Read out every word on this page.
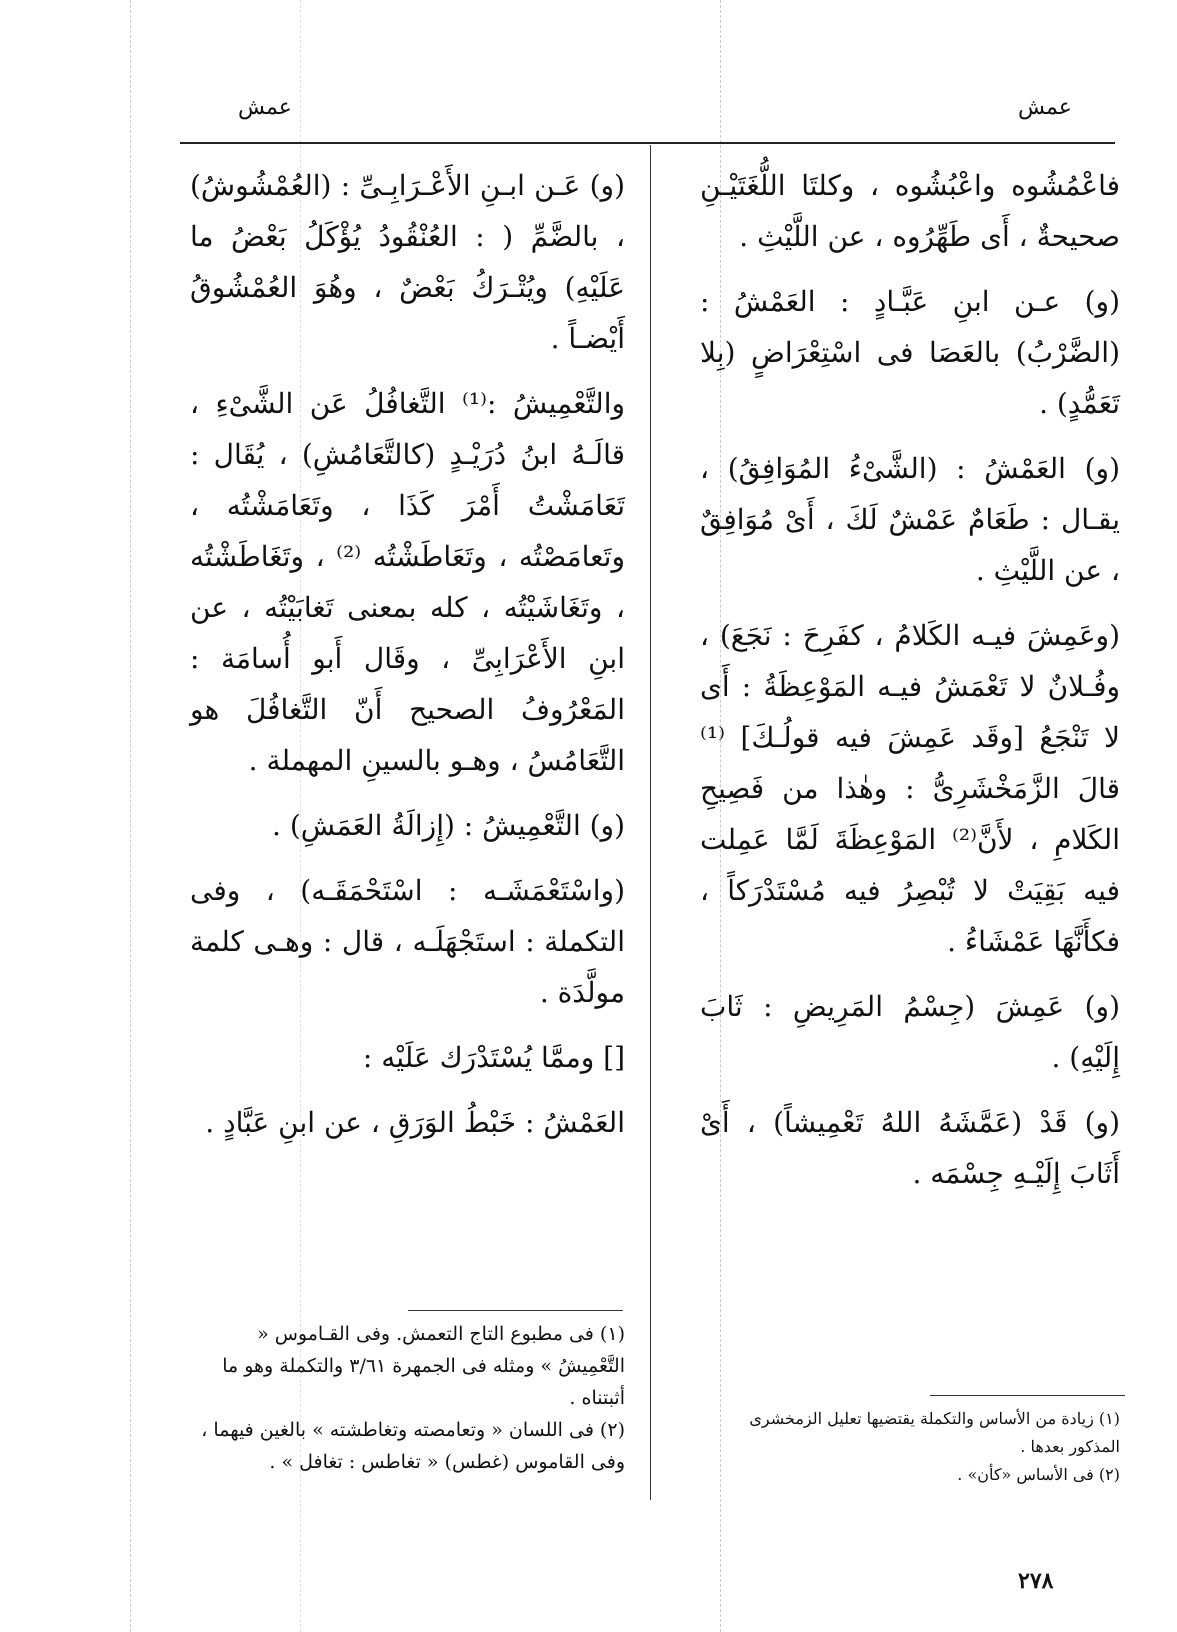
عمش
عمش

فاعْمُشُوه واعْبُشُوه ، وكلتَا اللُّغَتَيْـنِ صحيحةٌ ، أَى طَهِّرُوه ، عن اللَّيْثِ .

(و) عـن ابنِ عَبَّـادٍ : العَمْشُ : (الضَّرْبُ) بالعَصَا فى اسْتِعْرَاضٍ (بِلا تَعَمُّدٍ) .

(و) العَمْشُ : (الشَّىْءُ المُوَافِقُ) ، يقـال : طَعَامٌ عَمْشٌ لَكَ ، أَىْ مُوَافِقٌ ، عن اللَّيْثِ .

(وعَمِشَ فيـه الكَلامُ ، كفَرِحَ : نَجَعَ) ، وفُـلانٌ لا تَعْمَشُ فيـه المَوْعِظَةُ : أَى لا تَنْجَعُ [وقَد عَمِشَ فيه قولُـكَ] ⁽¹⁾ قالَ الزَّمَخْشَرِىُّ : وهٰذا من فَصِيحِ الكَلامِ ، لأَنَّ⁽²⁾ المَوْعِظَةَ لَمَّا عَمِلت فيه بَقِيَتْ لا تُبْصِرُ فيه مُسْتَدْرَكاً ، فكأَنَّهَا عَمْشَاءُ .

(و) عَمِشَ (جِسْمُ المَرِيضِ : ثَابَ إِلَيْهِ) .

(و) قَدْ (عَمَّشَهُ اللهُ تَعْمِيشاً) ، أَىْ أَثَابَ إِلَيْـهِ جِسْمَه .

(١) زيادة من الأساس والتكملة يقتضيها تعليل الزمخشرى المذكور بعدها .

(٢) فى الأساس «كأن» .

(و) عَـن ابـنِ الأَعْـرَابِـىِّ : (العُمْشُوشُ) ، بالضَّمِّ ( : العُنْقُودُ يُؤْكَلُ بَعْضُ ما عَلَيْهِ) ويُتْـرَكُ بَعْضٌ ، وهُوَ العُمْشُوقُ أَيْضـاً .

والتَّعْمِيشُ :⁽¹⁾ التَّغافُلُ عَن الشَّىْءِ ، قالَـهُ ابنُ دُرَيْـدٍ (كالتَّعَامُشِ) ، يُقَال : تَعَامَشْتُ أَمْرَ كَذَا ، وتَعَامَشْتُه ، وتَعامَصْتُه ، وتَعَاطَشْتُه ⁽²⁾ ، وتَغَاطَشْتُه ، وتَغَاشَيْتُه ، كله بمعنى تَغابَيْتُه ، عن ابنِ الأَعْرَابِىِّ ، وقَال أَبو أُسامَة : المَعْرُوفُ الصحيح أَنّ التَّغافُلَ هو التَّعَامُسُ ، وهـو بالسينِ المهملة .

(و) التَّعْمِيشُ : (إِزالَةُ العَمَشِ) .

(واسْتَعْمَشَـه : اسْتَحْمَقَـه) ، وفى التكملة : استَجْهَلَـه ، قال : وهـى كلمة مولَّدَة .

[] وممَّا يُسْتَدْرَك عَلَيْه :

العَمْشُ : خَبْطُ الوَرَقِ ، عن ابنِ عَبَّادٍ .

(١) فى مطبوع التاج التعمش. وفى القـاموس « التَّعْمِيشُ » ومثله فى الجمهرة ٣/٦١ والتكملة وهو ما أثبتناه .

(٢) فى اللسان « وتعامصته وتغاطشته » بالغين فيهما ، وفى القاموس (غطس) « تغاطس : تغافل » .

٢٧٨
